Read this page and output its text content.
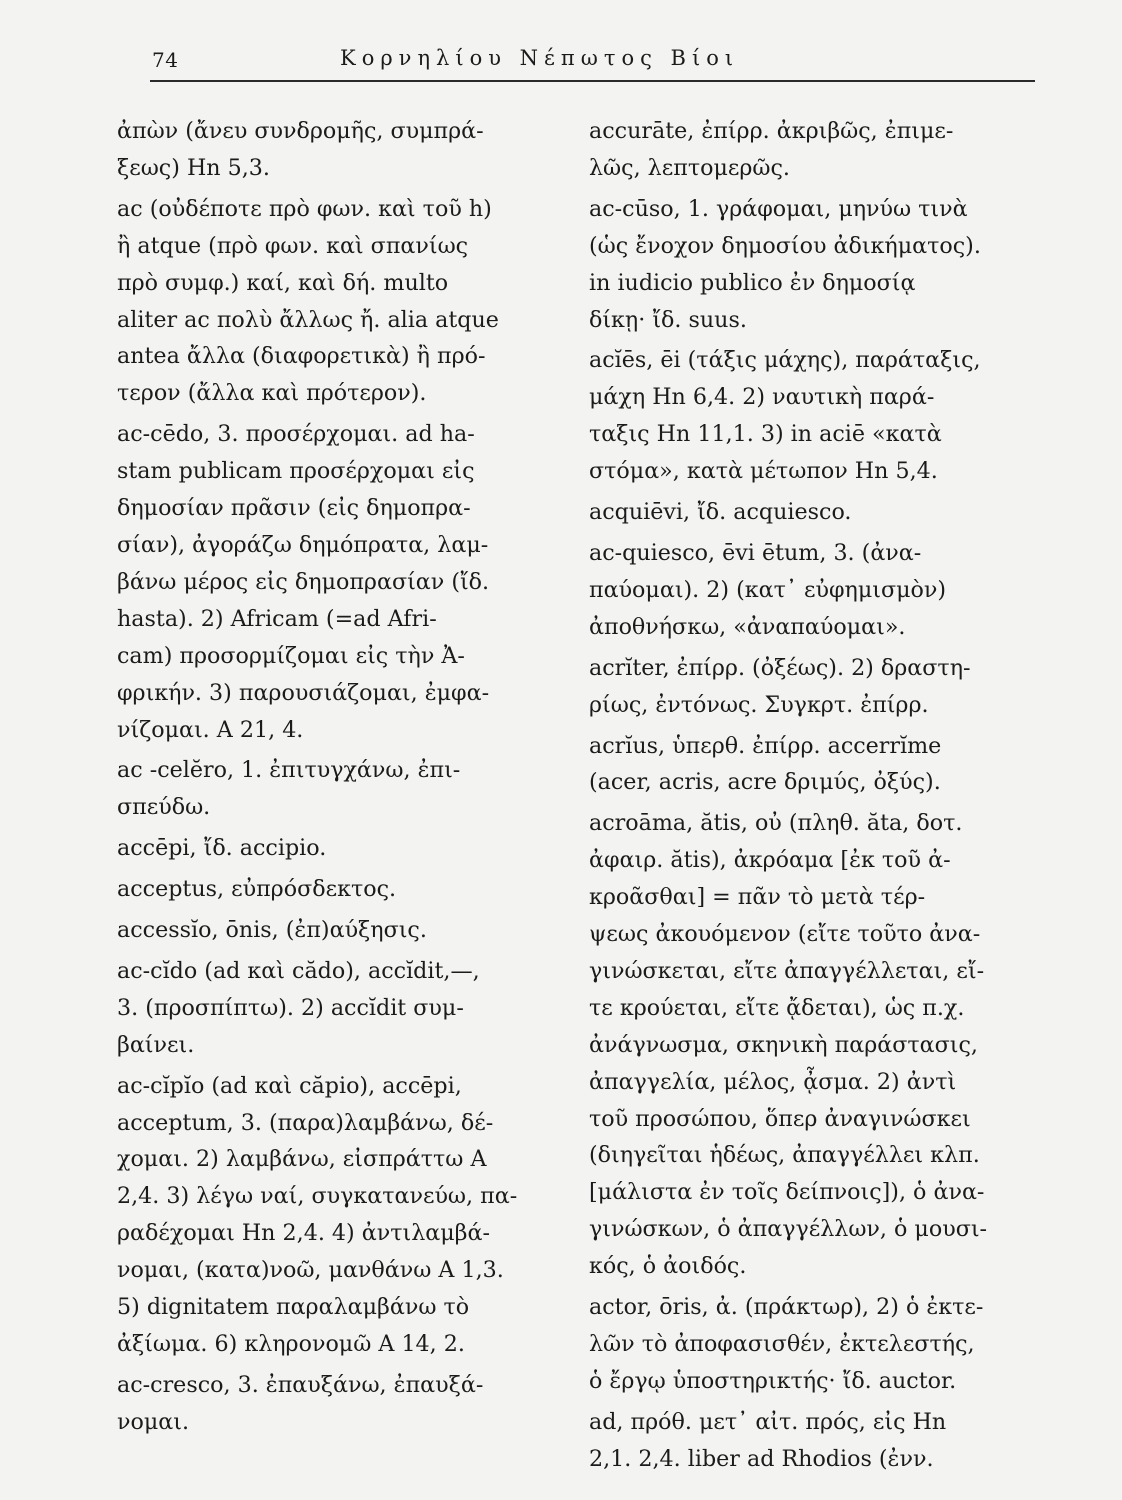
74	Κορνηλίου Νέπωτος Βίοι
ἀπὼν (ἄνευ συνδρομῆς, συμπρά-
ξεως) Hn 5,3.
ac (οὐδέποτε πρὸ φων. καὶ τοῦ h)
ἢ atque (πρὸ φων. καὶ σπανίως
πρὸ συμφ.) καί, καὶ δή. multo
aliter ac πολὺ ἄλλως ἤ. alia atque
antea ἄλλα (διαφορετικὰ) ἢ πρό-
τερον (ἄλλα καὶ πρότερον).
ac-cēdo, 3. προσέρχομαι. ad ha-
stam publicam προσέρχομαι εἰς
δημοσίαν πρᾶσιν (εἰς δημοπρα-
σίαν), ἀγοράζω δημόπρατα, λαμ-
βάνω μέρος εἰς δημοπρασίαν (ἴδ.
hasta). 2) Africam (=ad Afri-
cam) προσορμίζομαι εἰς τὴν Ἀ-
φρικήν. 3) παρουσιάζομαι, ἐμφα-
νίζομαι. A 21, 4.
ac -celĕro, 1. ἐπιτυγχάνω, ἐπι-
σπεύδω.
accēpi, ἴδ. accipio.
acceptus, εὐπρόσδεκτος.
accessĭo, ōnis, (ἐπ)αύξησις.
ac-cĭdo (ad καὶ cădo), accĭdit,—,
3. (προσπίπτω). 2) accĭdit συμ-
βαίνει.
ac-cĭpĭo (ad καὶ căpio), accēpi,
acceptum, 3. (παρα)λαμβάνω, δέ-
χομαι. 2) λαμβάνω, εἰσπράττω A
2,4. 3) λέγω ναί, συγκατανεύω, πα-
ραδέχομαι Hn 2,4. 4) ἀντιλαμβά-
νομαι, (κατα)νοῶ, μανθάνω A 1,3.
5) dignitatem παραλαμβάνω τὸ
ἀξίωμα. 6) κληρονομῶ A 14, 2.
ac-cresco, 3. ἐπαυξάνω, ἐπαυξά-
νομαι.
accurāte, ἐπίρρ. ἀκριβῶς, ἐπιμε-
λῶς, λεπτομερῶς.
ac-cūso, 1. γράφομαι, μηνύω τινὰ
(ὡς ἔνοχον δημοσίου ἀδικήματος).
in iudicio publico ἐν δημοσίᾳ
δίκῃ· ἴδ. suus.
acĭēs, ēi (τάξις μάχης), παράταξις,
μάχη Hn 6,4. 2) ναυτικὴ παρά-
ταξις Hn 11,1. 3) in aciē «κατὰ
στόμα», κατὰ μέτωπον Hn 5,4.
acquiēvi, ἴδ. acquiesco.
ac-quiesco, ēvi ētum, 3. (ἀνα-
παύομαι). 2) (κατ᾽ εὐφημισμὸν)
ἀποθνήσκω, «ἀναπαύομαι».
acrĭter, ἐπίρρ. (ὀξέως). 2) δραστη-
ρίως, ἐντόνως. Συγκρτ. ἐπίρρ.
acrĭus, ὑπερθ. ἐπίρρ. accerrĭme
(acer, acris, acre δριμύς, ὀξύς).
acroāma, ătis, οὐ (πληθ. ăta, δοτ.
ἀφαιρ. ătis), ἀκρόαμα [ἐκ τοῦ ἀ-
κροᾶσθαι] = πᾶν τὸ μετὰ τέρ-
ψεως ἀκουόμενον (εἴτε τοῦτο ἀνα-
γινώσκεται, εἴτε ἀπαγγέλλεται, εἴ-
τε κρούεται, εἴτε ᾄδεται), ὡς π.χ.
ἀνάγνωσμα, σκηνικὴ παράστασις,
ἀπαγγελία, μέλος, ᾆσμα. 2) ἀντὶ
τοῦ προσώπου, ὅπερ ἀναγινώσκει
(διηγεῖται ἡδέως, ἀπαγγέλλει κλπ.
[μάλιστα ἐν τοῖς δείπνοις]), ὁ ἀνα-
γινώσκων, ὁ ἀπαγγέλλων, ὁ μουσι-
κός, ὁ ἀοιδός.
actor, ōris, ἀ. (πράκτωρ), 2) ὁ ἐκτε-
λῶν τὸ ἀποφασισθέν, ἐκτελεστής,
ὁ ἔργῳ ὑποστηρικτής· ἴδ. auctor.
ad, πρόθ. μετ᾽ αἰτ. πρός, εἰς Hn
2,1. 2,4. liber ad Rhodios (ἐνν.
